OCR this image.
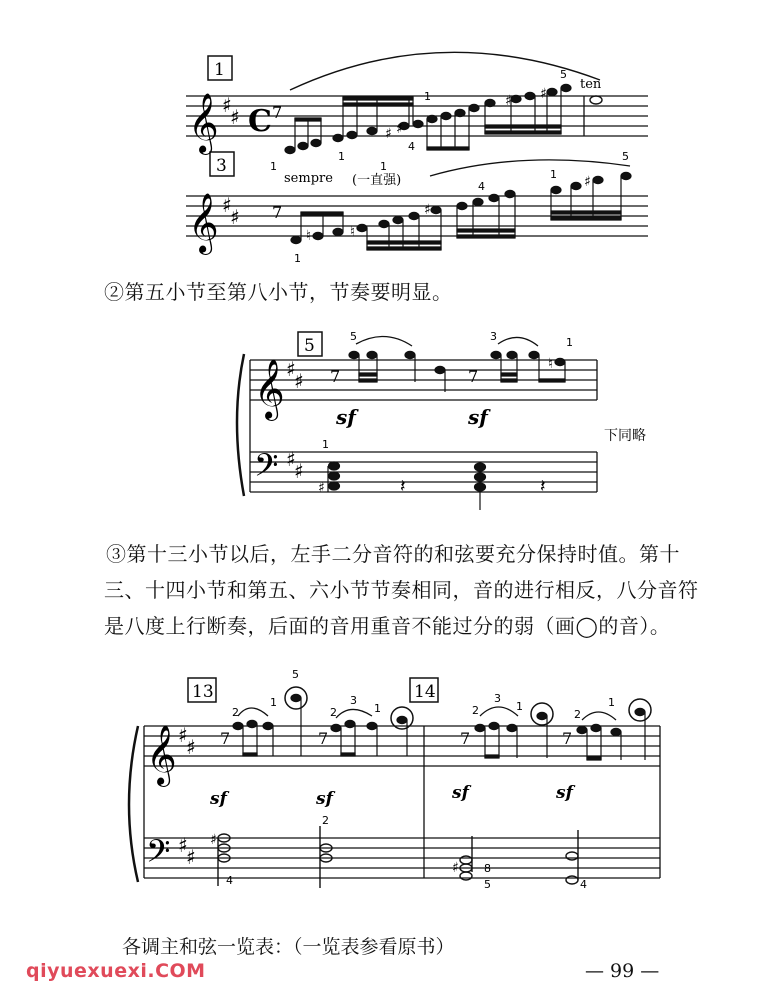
1
3
𝄞 ♯
♯ C 7
♯ ♯
♯ ♯
ten
1
1
4
1
5
𝄞 ♯
♯ 7
sempre (一直强)
♮	♮
♯
♯
1
1
4
1
5
②第五小节至第八小节，节奏要明显。
5
𝄞
𝄢
♯
♯
♯
♯
7	7
♮
sf	sf
5	3	1
1
♯	𝄽	𝄽
下同略
③第十三小节以后，左手二分音符的和弦要充分保持时值。第十三、十四小节和第五、六小节节奏相同，音的进行相反，八分音符是八度上行断奏，后面的音用重音不能过分的弱（画◯的音）。
13	14
𝄞
𝄢
♯
♯
♯
♯
7	7	7	7
5
2
1
2
3
1	2
3
1
2
1
sf	sf	sf	sf
♯
♯
4
2
8
5	4
各调主和弦一览表：（一览表参看原书）
qiyuexuexi.COM	— 99 —
